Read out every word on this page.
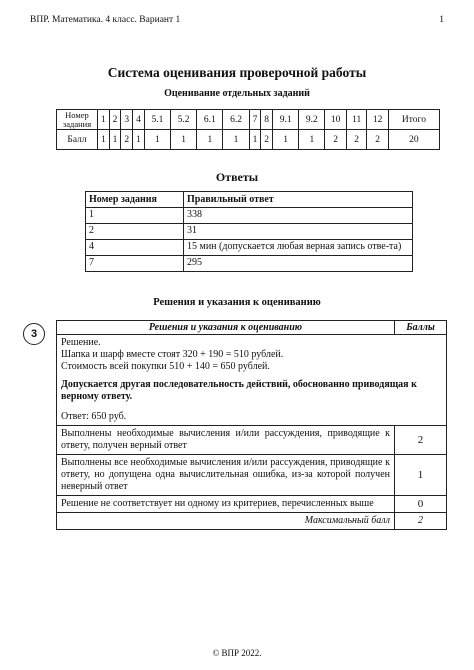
ВПР. Математика. 4 класс. Вариант 1	1
Система оценивания проверочной работы
Оценивание отдельных заданий
Номер задания	1	2	3	4	5.1	5.2	6.1	6.2	7	8	9.1	9.2	10	11	12	Итого
Балл	1	1	2	1	1	1	1	1	1	2	1	1	2	2	2	20
Ответы
Номер задания	Правильный ответ
1	338
2	31
4	15 мин (допускается любая верная запись отве-та)
7	295
Решения и указания к оцениванию
3
Решения и указания к оцениванию	Баллы

Решение.
Шапка и шарф вместе стоят 320 + 190 = 510 рублей.
Стоимость всей покупки 510 + 140 = 650 рублей.
Допускается другая последовательность действий, обоснованно приводящая к верному ответу.
Ответ: 650 руб.	

Выполнены необходимые вычисления и/или рассуждения, приводящие к ответу, получен верный ответ	2
Выполнены все необходимые вычисления и/или рассуждения, приводящие к ответу, но допущена одна вычислительная ошибка, из-за которой получен неверный ответ	1
Решение не соответствует ни одному из критериев, перечисленных выше	0
Максимальный балл	2
© ВПР 2022.
